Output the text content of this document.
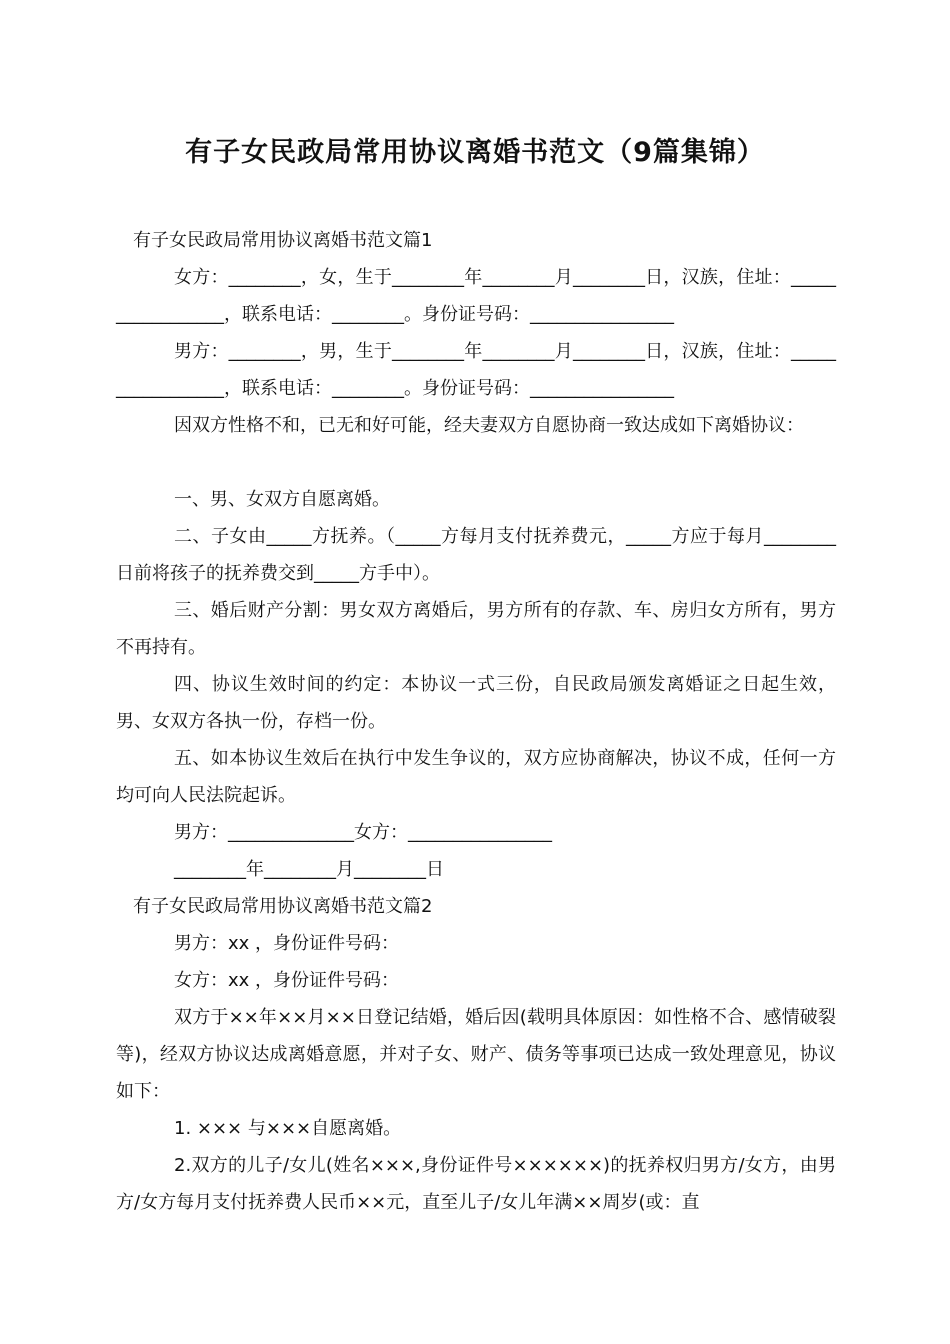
有子女民政局常用协议离婚书范文（9篇集锦）

有子女民政局常用协议离婚书范文篇1

女方：________，女，生于________年________月________日，汉族，住址：_________________，联系电话：________。身份证号码：________________

男方：________，男，生于________年________月________日，汉族，住址：_________________，联系电话：________。身份证号码：________________

因双方性格不和，已无和好可能，经夫妻双方自愿协商一致达成如下离婚协议：

一、男、女双方自愿离婚。

二、子女由_____方抚养。（_____方每月支付抚养费元，_____方应于每月________日前将孩子的抚养费交到_____方手中）。

三、婚后财产分割：男女双方离婚后，男方所有的存款、车、房归女方所有，男方不再持有。

四、协议生效时间的约定：本协议一式三份，自民政局颁发离婚证之日起生效，男、女双方各执一份，存档一份。

五、如本协议生效后在执行中发生争议的，双方应协商解决，协议不成，任何一方均可向人民法院起诉。

男方：______________女方：________________

________年________月________日

有子女民政局常用协议离婚书范文篇2

男方：xx ，身份证件号码：

女方：xx ，身份证件号码：

双方于××年××月××日登记结婚，婚后因(载明具体原因：如性格不合、感情破裂等)，经双方协议达成离婚意愿，并对子女、财产、债务等事项已达成一致处理意见，协议如下：

1. ××× 与×××自愿离婚。

2.双方的儿子/女儿(姓名×××,身份证件号××××××)的抚养权归男方/女方，由男方/女方每月支付抚养费人民币××元，直至儿子/女儿年满××周岁(或：直
